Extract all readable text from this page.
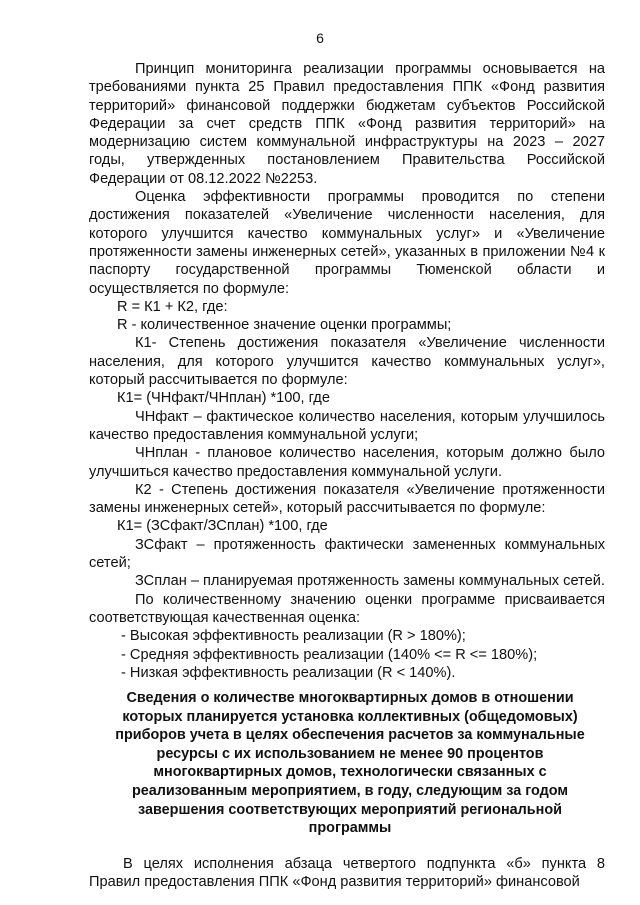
6

Принцип мониторинга реализации программы основывается на требованиями пункта 25 Правил предоставления ППК «Фонд развития территорий» финансовой поддержки бюджетам субъектов Российской Федерации за счет средств ППК «Фонд развития территорий» на модернизацию систем коммунальной инфраструктуры на 2023 – 2027 годы, утвержденных постановлением Правительства Российской Федерации от 08.12.2022 №2253.

Оценка эффективности программы проводится по степени достижения показателей «Увеличение численности населения, для которого улучшится качество коммунальных услуг» и «Увеличение протяженности замены инженерных сетей», указанных в приложении №4 к паспорту государственной программы Тюменской области и осуществляется по формуле:

R = К1 + К2, где:

R - количественное значение оценки программы;

К1- Степень достижения показателя «Увеличение численности населения, для которого улучшится качество коммунальных услуг», который рассчитывается по формуле:

К1= (ЧНфакт/ЧНплан) *100, где

ЧНфакт – фактическое количество населения, которым улучшилось качество предоставления коммунальной услуги;

ЧНплан - плановое количество населения, которым должно было улучшиться качество предоставления коммунальной услуги.

К2 - Степень достижения показателя «Увеличение протяженности замены инженерных сетей», который рассчитывается по формуле:

К1= (ЗСфакт/ЗСплан) *100, где

ЗСфакт – протяженность фактически замененных коммунальных сетей;

ЗСплан – планируемая протяженность замены коммунальных сетей.

По количественному значению оценки программе присваивается соответствующая качественная оценка:

- Высокая эффективность реализации (R > 180%);

- Средняя эффективность реализации (140% <= R <= 180%);

- Низкая эффективность реализации (R < 140%).

Сведения о количестве многоквартирных домов в отношении которых планируется установка коллективных (общедомовых) приборов учета в целях обеспечения расчетов за коммунальные ресурсы с их использованием не менее 90 процентов многоквартирных домов, технологически связанных с реализованным мероприятием, в году, следующим за годом завершения соответствующих мероприятий региональной программы

В целях исполнения абзаца четвертого подпункта «б» пункта 8 Правил предоставления ППК «Фонд развития территорий» финансовой
